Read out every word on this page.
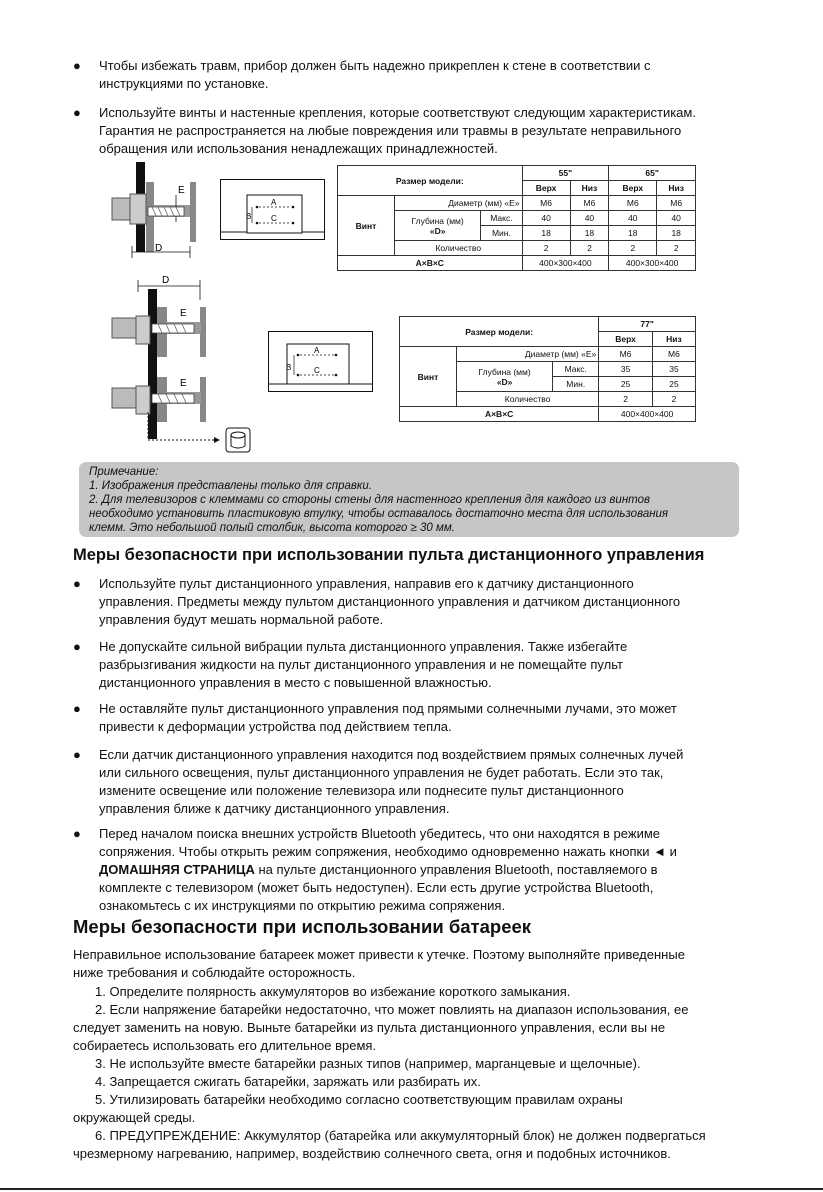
●	Чтобы избежать травм, прибор должен быть надежно прикреплен к стене в соответствии с
инструкциями по установке.
●	Используйте винты и настенные крепления, которые соответствуют следующим характеристикам.
Гарантия не распространяется на любые повреждения или травмы в результате неправильного
обращения или использования ненадлежащих принадлежностей.
E
D
A
B C
Размер модели:			55"		65"	
			Верх	Низ	Верх	Низ
Винт	Диаметр (мм) «E»		M6	M6	M6	M6
	Глубина (мм)
«D»	Макс.	40	40	40	40
		Мин.	18	18	18	18
	Количество		2	2	2	2
A×B×C			400×300×400		400×300×400	
D
E
E
A
B	C
Размер модели:			77"	
			Верх	Низ
Винт	Диаметр (мм) «E»		M6	M6
	Глубина (мм)
«D»	Макс.	35	35
		Мин.	25	25
	Количество		2	2
A×B×C			400×400×400	
Примечание:
1. Изображения представлены только для справки.
2. Для телевизоров с клеммами со стороны стены для настенного крепления для каждого из винтов
необходимо установить пластиковую втулку, чтобы оставалось достаточно места для использования
клемм. Это небольшой полый столбик, высота которого ≥ 30 мм.
Меры безопасности при использовании пульта дистанционного управления
●	Используйте пульт дистанционного управления, направив его к датчику дистанционного
управления. Предметы между пультом дистанционного управления и датчиком дистанционного
управления будут мешать нормальной работе.
●	Не допускайте сильной вибрации пульта дистанционного управления. Также избегайте
разбрызгивания жидкости на пульт дистанционного управления и не помещайте пульт
дистанционного управления в место с повышенной влажностью.
●	Не оставляйте пульт дистанционного управления под прямыми солнечными лучами, это может
привести к деформации устройства под действием тепла.
●	Если датчик дистанционного управления находится под воздействием прямых солнечных лучей
или сильного освещения, пульт дистанционного управления не будет работать. Если это так,
измените освещение или положение телевизора или поднесите пульт дистанционного
управления ближе к датчику дистанционного управления.
●	Перед началом поиска внешних устройств Bluetooth убедитесь, что они находятся в режиме
сопряжения. Чтобы открыть режим сопряжения, необходимо одновременно нажать кнопки ◄ и
ДОМАШНЯЯ СТРАНИЦА на пульте дистанционного управления Bluetooth, поставляемого в
комплекте с телевизором (может быть недоступен). Если есть другие устройства Bluetooth,
ознакомьтесь с их инструкциями по открытию режима сопряжения.
Меры безопасности при использовании батареек
Неправильное использование батареек может привести к утечке. Поэтому выполняйте приведенные
ниже требования и соблюдайте осторожность.
1. Определите полярность аккумуляторов во избежание короткого замыкания.
2. Если напряжение батарейки недостаточно, что может повлиять на диапазон использования, ее
следует заменить на новую. Выньте батарейки из пульта дистанционного управления, если вы не
собираетесь использовать его длительное время.
3. Не используйте вместе батарейки разных типов (например, марганцевые и щелочные).
4. Запрещается сжигать батарейки, заряжать или разбирать их.
5. Утилизировать батарейки необходимо согласно соответствующим правилам охраны
окружающей среды.
6. ПРЕДУПРЕЖДЕНИЕ: Аккумулятор (батарейка или аккумуляторный блок) не должен подвергаться
чрезмерному нагреванию, например, воздействию солнечного света, огня и подобных источников.
